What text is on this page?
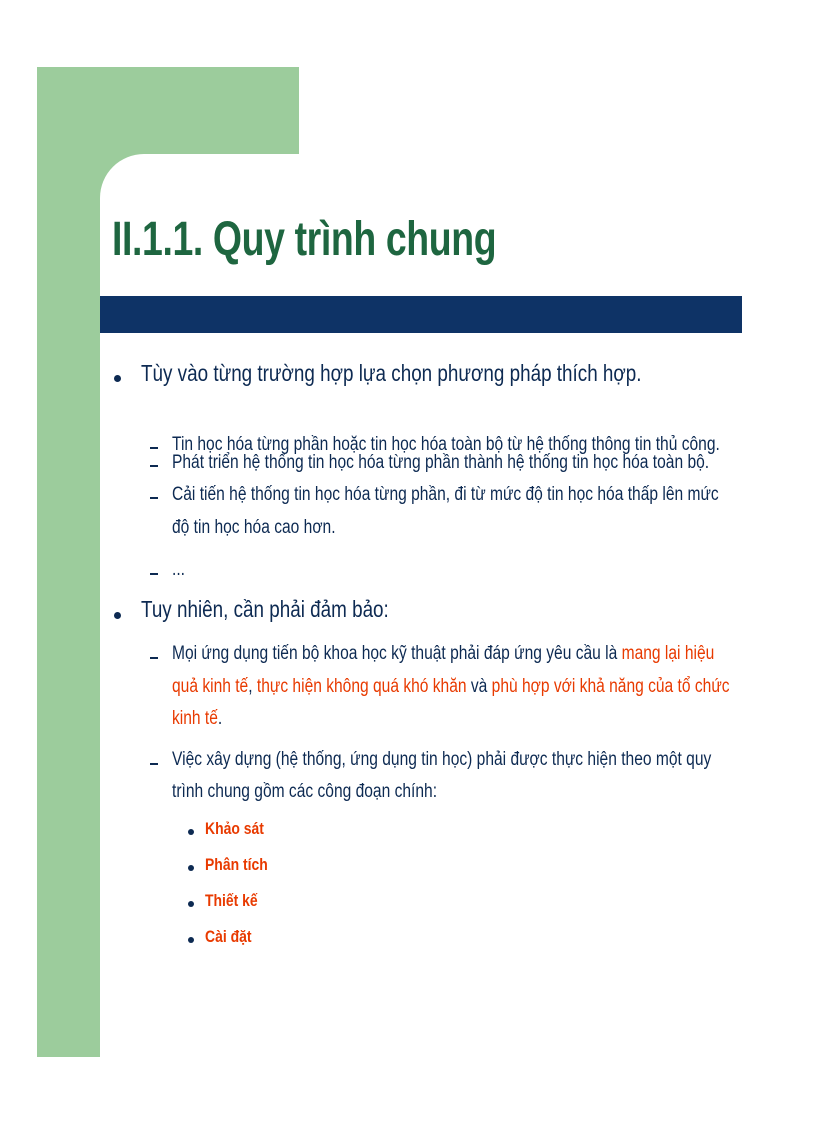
II.1.1. Quy trình chung
Tùy vào từng trường hợp lựa chọn phương pháp thích hợp.
Tin học hóa từng phần hoặc tin học hóa toàn bộ từ hệ thống thông tin thủ công.
Phát triển hệ thống tin học hóa từng phần thành hệ thống tin học hóa toàn bộ.
Cải tiến hệ thống tin học hóa từng phần, đi từ mức độ tin học hóa thấp lên mức
độ tin học hóa cao hơn.
...
Tuy nhiên, cần phải đảm bảo:
Mọi ứng dụng tiến bộ khoa học kỹ thuật phải đáp ứng yêu cầu là mang lại hiệu
quả kinh tế, thực hiện không quá khó khăn và phù hợp với khả năng của tổ chức
kinh tế.
Việc xây dựng (hệ thống, ứng dụng tin học) phải được thực hiện theo một quy
trình chung gồm các công đoạn chính:
Khảo sát
Phân tích
Thiết kế
Cài đặt
